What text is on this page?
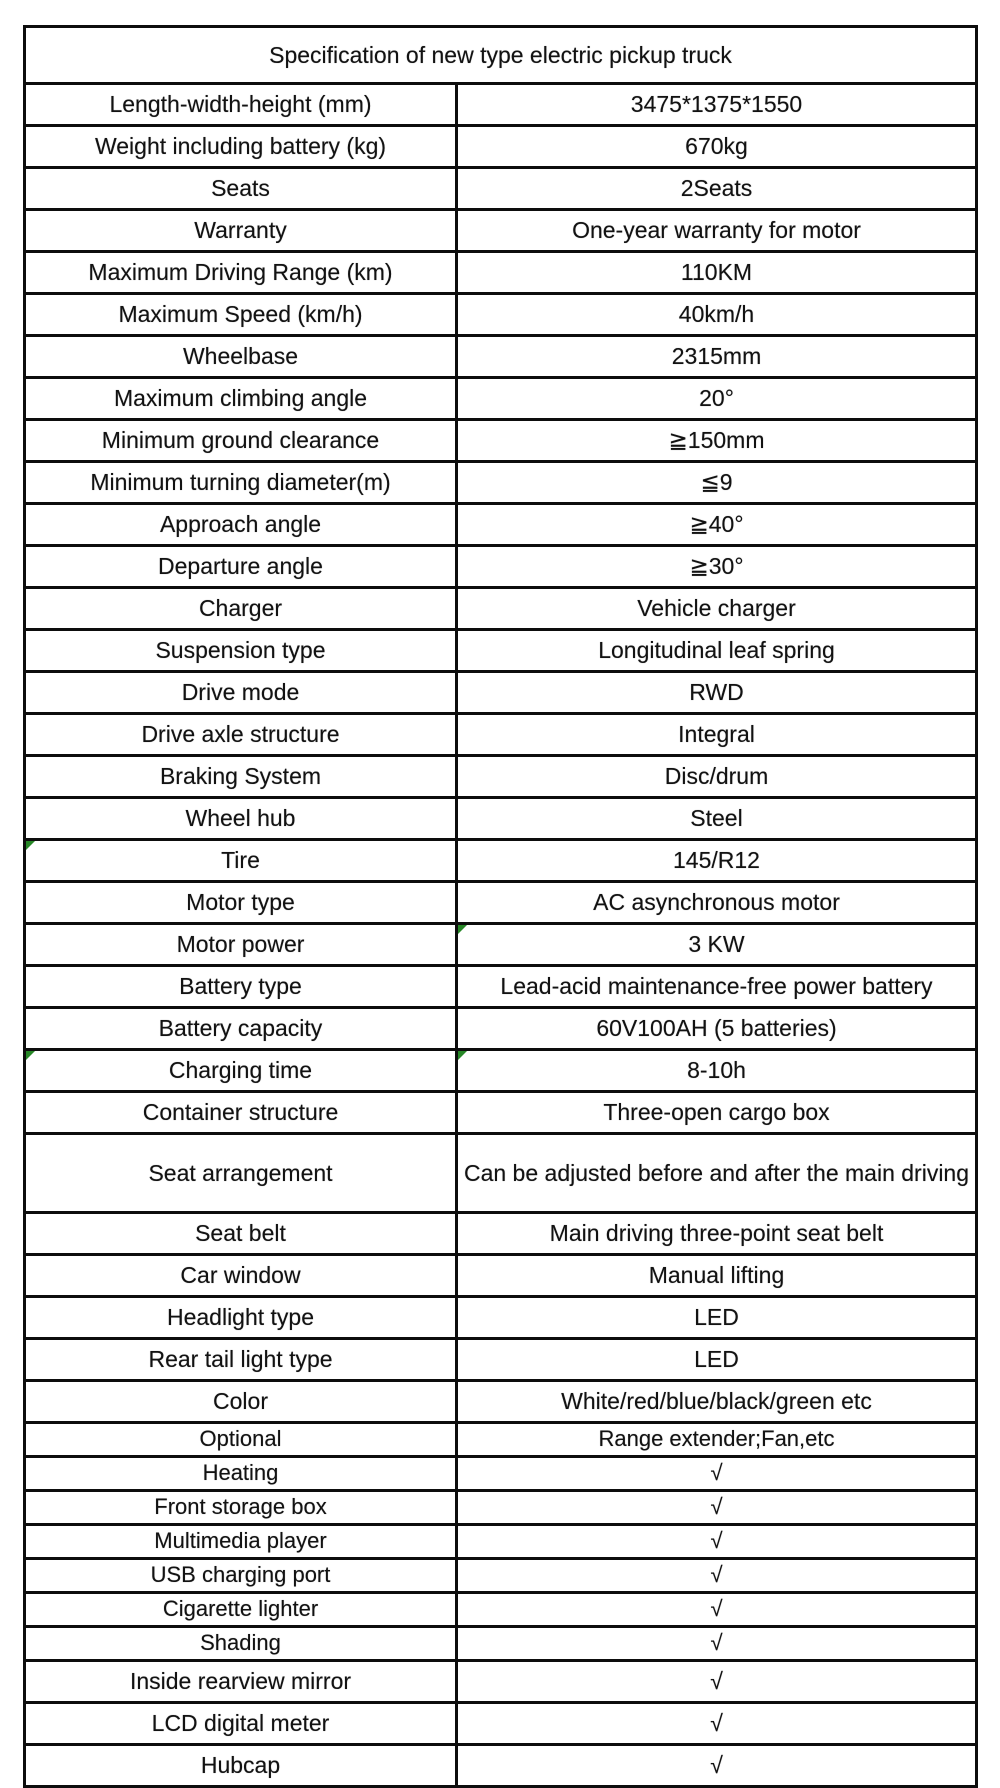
Specification of new type electric pickup truck	
Length-width-height (mm)	3475*1375*1550
Weight including battery (kg)	670kg
Seats	2Seats
Warranty	One-year warranty for motor
Maximum Driving Range (km)	110KM
Maximum Speed (km/h)	40km/h
Wheelbase	2315mm
Maximum climbing angle	20°
Minimum ground clearance	≧150mm
Minimum turning diameter(m)	≦9
Approach angle	≧40°
Departure angle	≧30°
Charger	Vehicle charger
Suspension type	Longitudinal leaf spring
Drive mode	RWD
Drive axle structure	Integral
Braking System	Disc/drum
Wheel hub	Steel

Tire	145/R12
Motor type	AC asynchronous motor
Motor power	3 KW
Battery type	Lead-acid maintenance-free power battery
Battery capacity	60V100AH (5 batteries)

Charging time	8-10h
Container structure	Three-open cargo box
Seat arrangement	Can be adjusted before and after the main driving
Seat belt	Main driving three-point seat belt
Car window	Manual lifting
Headlight type	LED
Rear tail light type	LED
Color	White/red/blue/black/green etc
Optional	Range extender;Fan,etc
Heating	√
Front storage box	√
Multimedia player	√
USB charging port	√
Cigarette lighter	√
Shading	√
Inside rearview mirror	√
LCD digital meter	√
Hubcap	√
